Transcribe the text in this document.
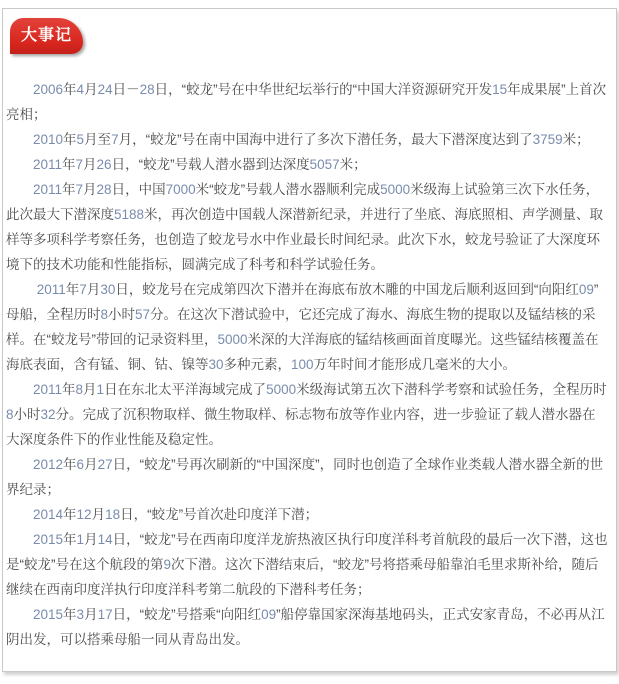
大事记

2006年4月24日－28日，“蛟龙”号在中华世纪坛举行的“中国大洋资源研究开发15年成果展”上首次亮相；

2010年5月至7月，“蛟龙”号在南中国海中进行了多次下潜任务，最大下潜深度达到了3759米；

2011年7月26日，“蛟龙”号载人潜水器到达深度5057米；

2011年7月28日，中国7000米“蛟龙”号载人潜水器顺利完成5000米级海上试验第三次下水任务，此次最大下潜深度5188米，再次创造中国载人深潜新纪录，并进行了坐底、海底照相、声学测量、取样等多项科学考察任务，也创造了蛟龙号水中作业最长时间纪录。此次下水，蛟龙号验证了大深度环境下的技术功能和性能指标，圆满完成了科考和科学试验任务。

2011年7月30日，蛟龙号在完成第四次下潜并在海底布放木雕的中国龙后顺利返回到“向阳红09”母船，全程历时8小时57分。在这次下潜试验中，它还完成了海水、海底生物的提取以及锰结核的采样。在“蛟龙号”带回的记录资料里，5000米深的大洋海底的锰结核画面首度曝光。这些锰结核覆盖在海底表面，含有锰、铜、钴、镍等30多种元素，100万年时间才能形成几毫米的大小。

2011年8月1日在东北太平洋海域完成了5000米级海试第五次下潜科学考察和试验任务，全程历时8小时32分。完成了沉积物取样、微生物取样、标志物布放等作业内容，进一步验证了载人潜水器在大深度条件下的作业性能及稳定性。

2012年6月27日，“蛟龙”号再次刷新的“中国深度”，同时也创造了全球作业类载人潜水器全新的世界纪录；

2014年12月18日，“蛟龙”号首次赴印度洋下潜；

2015年1月14日，“蛟龙”号在西南印度洋龙旂热液区执行印度洋科考首航段的最后一次下潜，这也是“蛟龙”号在这个航段的第9次下潜。这次下潜结束后，“蛟龙”号将搭乘母船靠泊毛里求斯补给，随后继续在西南印度洋执行印度洋科考第二航段的下潜科考任务；

2015年3月17日，“蛟龙”号搭乘“向阳红09”船停靠国家深海基地码头，正式安家青岛，不必再从江阴出发，可以搭乘母船一同从青岛出发。
